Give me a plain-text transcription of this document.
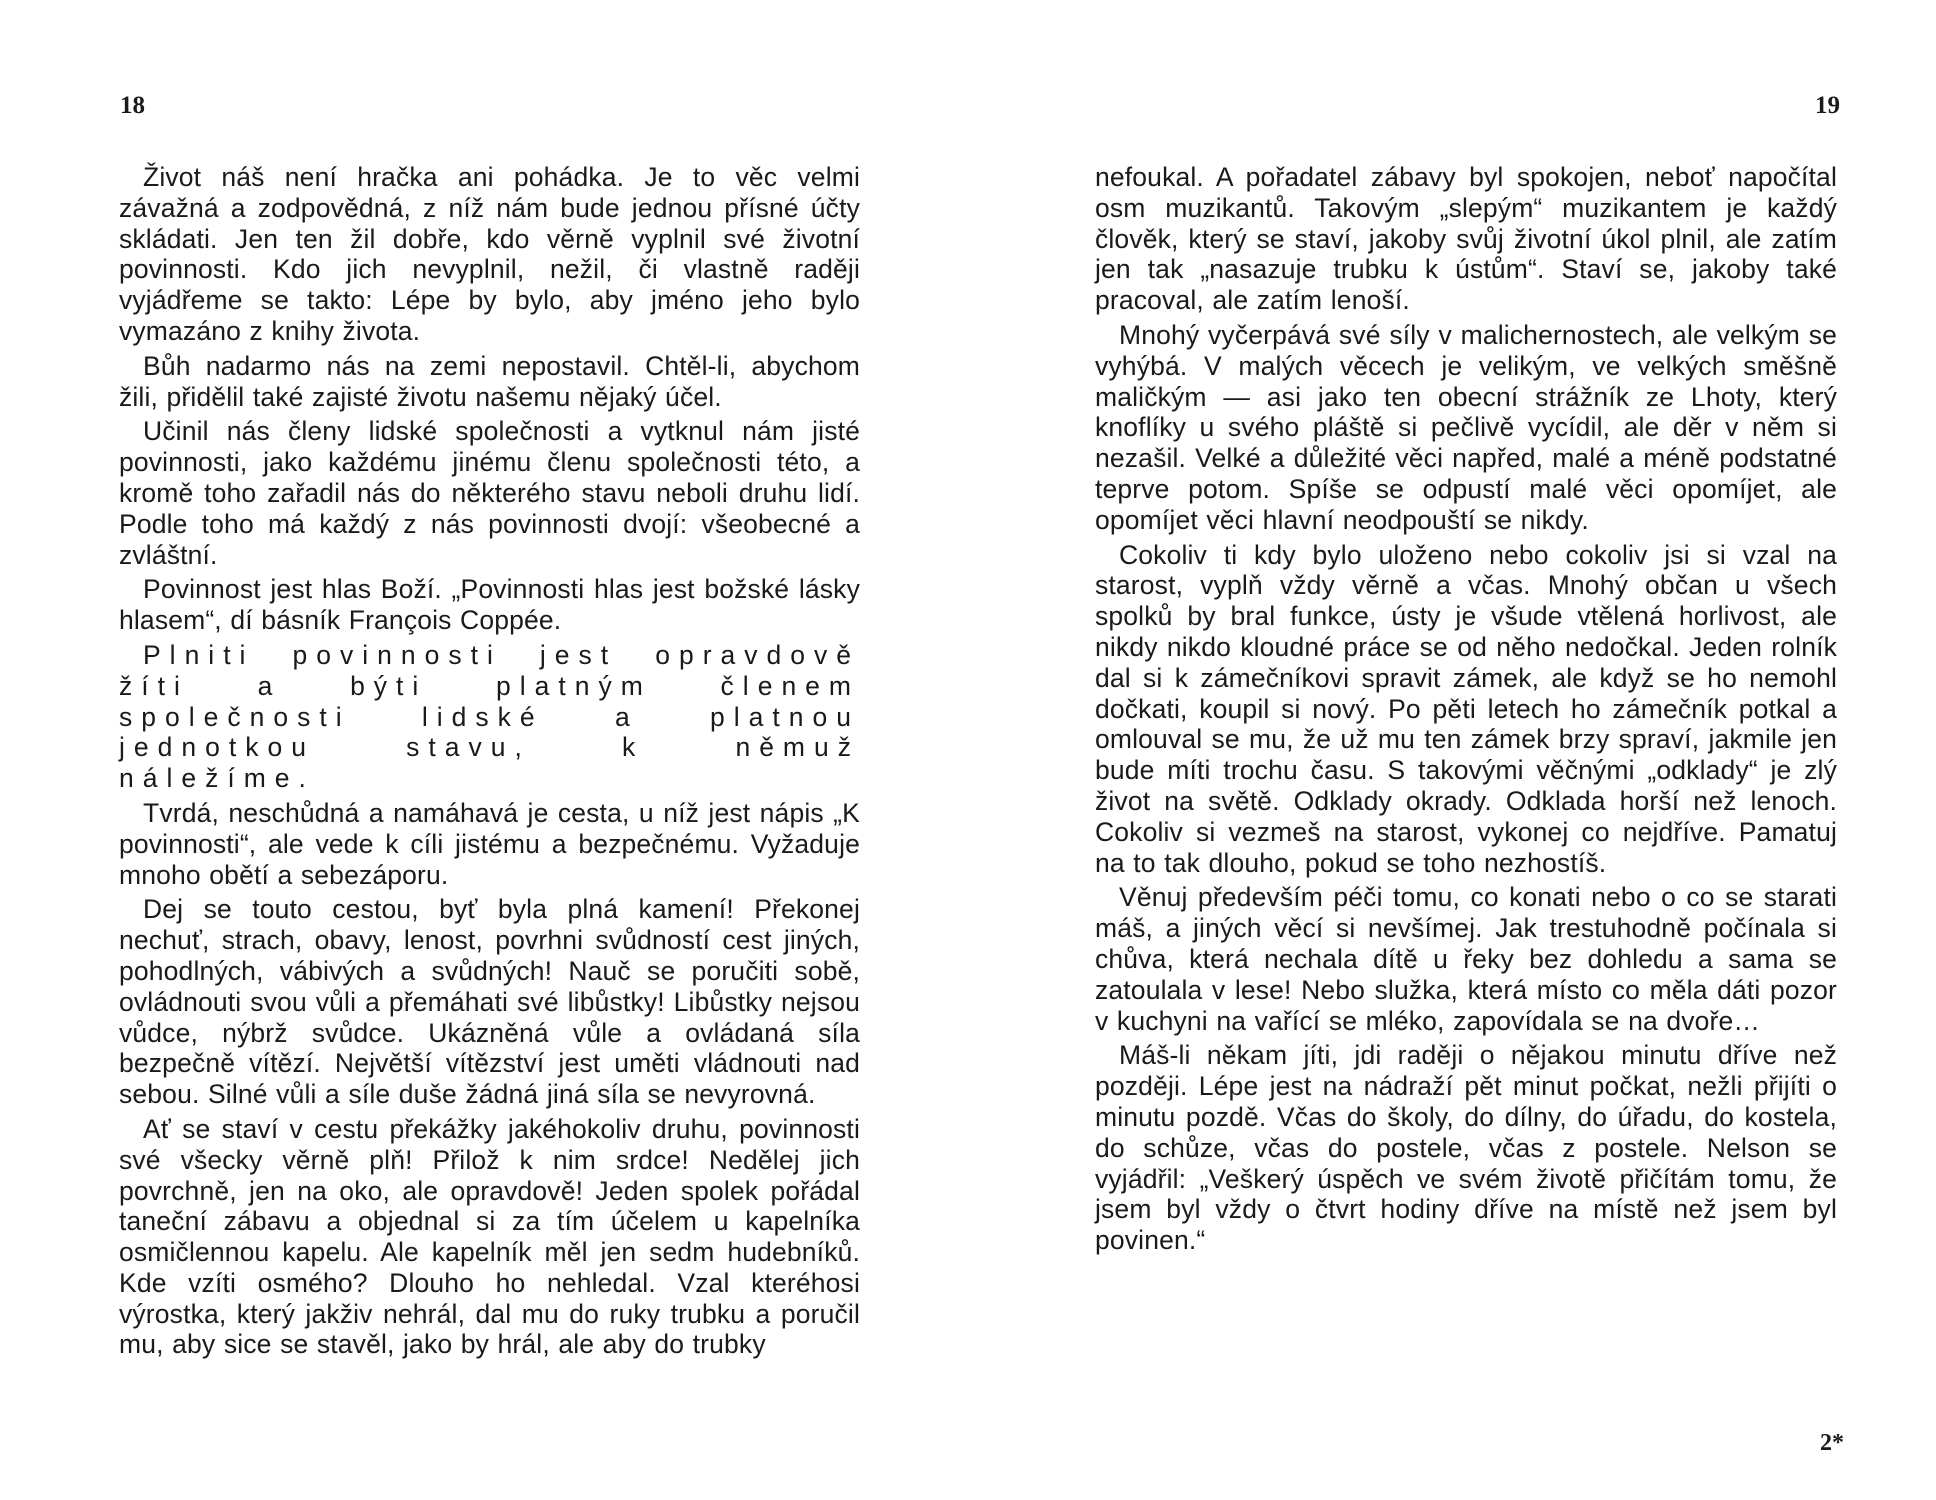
18

Život náš není hračka ani pohádka. Je to věc velmi závažná a zodpovědná, z níž nám bude jednou přísné účty skládati. Jen ten žil dobře, kdo věrně vyplnil své životní povinnosti. Kdo jich nevyplnil, nežil, či vlastně raději vyjádřeme se takto: Lépe by bylo, aby jméno jeho bylo vymazáno z knihy života.

Bůh nadarmo nás na zemi nepostavil. Chtěl-li, abychom žili, přidělil také zajisté životu našemu nějaký účel.

Učinil nás členy lidské společnosti a vytknul nám jisté povinnosti, jako každému jinému členu společnosti této, a kromě toho zařadil nás do některého stavu neboli druhu lidí. Podle toho má každý z nás povinnosti dvojí: všeobecné a zvláštní.

Povinnost jest hlas Boží. „Povinnosti hlas jest božské lásky hlasem“, dí básník François Coppée.

Plniti povinnosti jest opravdově žíti a býti platným členem společnosti lidské a platnou jednotkou stavu, k němuž náležíme.

Tvrdá, neschůdná a namáhavá je cesta, u níž jest nápis „K povinnosti“, ale vede k cíli jistému a bezpečnému. Vyžaduje mnoho obětí a sebezáporu.

Dej se touto cestou, byť byla plná kamení! Překonej nechuť, strach, obavy, lenost, povrhni svůdností cest jiných, pohodlných, vábivých a svůdných! Nauč se poručiti sobě, ovládnouti svou vůli a přemáhati své libůstky! Libůstky nejsou vůdce, nýbrž svůdce. Ukázněná vůle a ovládaná síla bezpečně vítězí. Největší vítězství jest uměti vládnouti nad sebou. Silné vůli a síle duše žádná jiná síla se nevyrovná.

Ať se staví v cestu překážky jakéhokoliv druhu, povinnosti své všecky věrně plň! Přilož k nim srdce! Nedělej jich povrchně, jen na oko, ale opravdově! Jeden spolek pořádal taneční zábavu a objednal si za tím účelem u kapelníka osmičlennou kapelu. Ale kapelník měl jen sedm hudebníků. Kde vzíti osmého? Dlouho ho nehledal. Vzal kteréhosi výrostka, který jakživ nehrál, dal mu do ruky trubku a poručil mu, aby sice se stavěl, jako by hrál, ale aby do trubky

19

nefoukal. A pořadatel zábavy byl spokojen, neboť napočítal osm muzikantů. Takovým „slepým“ muzikantem je každý člověk, který se staví, jakoby svůj životní úkol plnil, ale zatím jen tak „nasazuje trubku k ústům“. Staví se, jakoby také pracoval, ale zatím lenoší.

Mnohý vyčerpává své síly v malichernostech, ale velkým se vyhýbá. V malých věcech je velikým, ve velkých směšně maličkým — asi jako ten obecní strážník ze Lhoty, který knoflíky u svého pláště si pečlivě vycídil, ale děr v něm si nezašil. Velké a důležité věci napřed, malé a méně podstatné teprve potom. Spíše se odpustí malé věci opomíjet, ale opomíjet věci hlavní neodpouští se nikdy.

Cokoliv ti kdy bylo uloženo nebo cokoliv jsi si vzal na starost, vyplň vždy věrně a včas. Mnohý občan u všech spolků by bral funkce, ústy je všude vtělená horlivost, ale nikdy nikdo kloudné práce se od něho nedočkal. Jeden rolník dal si k zámečníkovi spravit zámek, ale když se ho nemohl dočkati, koupil si nový. Po pěti letech ho zámečník potkal a omlouval se mu, že už mu ten zámek brzy spraví, jakmile jen bude míti trochu času. S takovými věčnými „odklady“ je zlý život na světě. Odklady okrady. Odklada horší než lenoch. Cokoliv si vezmeš na starost, vykonej co nejdříve. Pamatuj na to tak dlouho, pokud se toho nezhostíš.

Věnuj především péči tomu, co konati nebo o co se starati máš, a jiných věcí si nevšímej. Jak trestuhodně počínala si chůva, která nechala dítě u řeky bez dohledu a sama se zatoulala v lese! Nebo služka, která místo co měla dáti pozor v kuchyni na vařící se mléko, zapovídala se na dvoře…

Máš-li někam jíti, jdi raději o nějakou minutu dříve než později. Lépe jest na nádraží pět minut počkat, nežli přijíti o minutu pozdě. Včas do školy, do dílny, do úřadu, do kostela, do schůze, včas do postele, včas z postele. Nelson se vyjádřil: „Veškerý úspěch ve svém životě přičítám tomu, že jsem byl vždy o čtvrt hodiny dříve na místě než jsem byl povinen.“

2*
